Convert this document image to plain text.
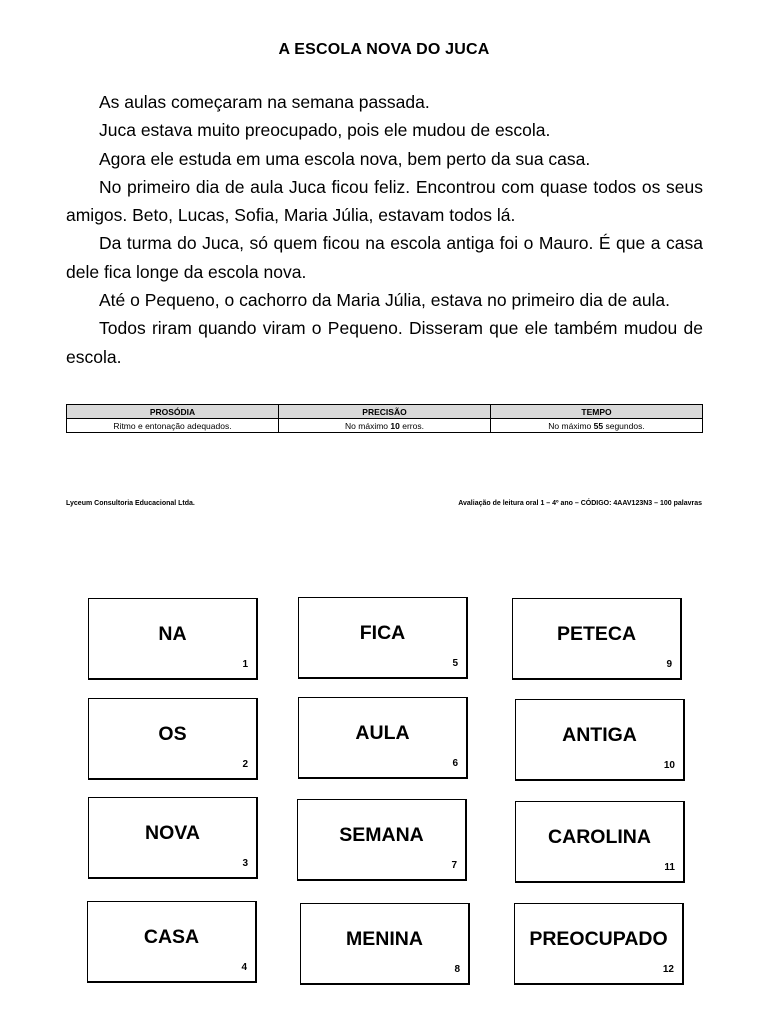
A ESCOLA NOVA DO JUCA

As aulas começaram na semana passada.

Juca estava muito preocupado, pois ele mudou de escola.

Agora ele estuda em uma escola nova, bem perto da sua casa.

No primeiro dia de aula Juca ficou feliz. Encontrou com quase todos os seus amigos. Beto, Lucas, Sofia, Maria Júlia, estavam todos lá.

Da turma do Juca, só quem ficou na escola antiga foi o Mauro. É que a casa dele fica longe da escola nova.

Até o Pequeno, o cachorro da Maria Júlia, estava no primeiro dia de aula.

Todos riram quando viram o Pequeno. Disseram que ele também mudou de escola.

PROSÓDIA	PRECISÃO	TEMPO
Ritmo e entonação adequados.	No máximo 10 erros.	No máximo 55 segundos.
Lyceum Consultoria Educacional Ltda.	Avaliação de leitura oral 1 – 4º ano – CÓDIGO: 4AAV123N3 – 100 palavras
NA
1
OS
2
NOVA
3
CASA
4
FICA
5
AULA
6
SEMANA
7
MENINA
8
PETECA
9
ANTIGA
10
CAROLINA
11
PREOCUPADO
12
